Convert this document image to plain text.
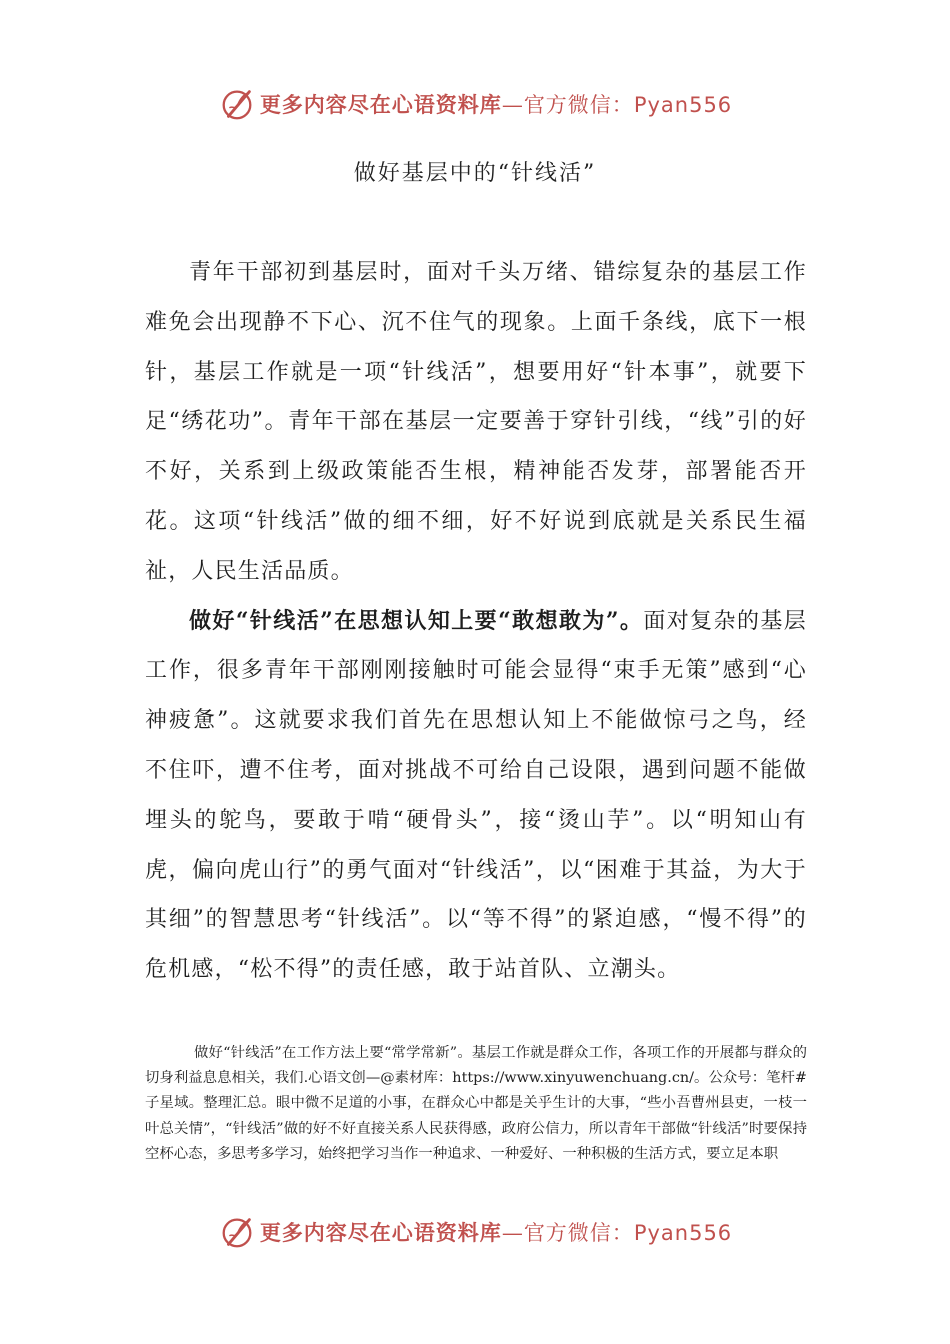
更多内容尽在心语资料库—官方微信：Pyan556
做好基层中的“针线活”

青年干部初到基层时，面对千头万绪、错综复杂的基层工作难免会出现静不下心、沉不住气的现象。上面千条线，底下一根针，基层工作就是一项“针线活”，想要用好“针本事”，就要下足“绣花功”。青年干部在基层一定要善于穿针引线，“线”引的好不好，关系到上级政策能否生根，精神能否发芽，部署能否开花。这项“针线活”做的细不细，好不好说到底就是关系民生福祉，人民生活品质。

做好“针线活”在思想认知上要“敢想敢为”。面对复杂的基层工作，很多青年干部刚刚接触时可能会显得“束手无策”感到“心神疲惫”。这就要求我们首先在思想认知上不能做惊弓之鸟，经不住吓，遭不住考，面对挑战不可给自己设限，遇到问题不能做埋头的鸵鸟，要敢于啃“硬骨头”，接“烫山芋”。以“明知山有虎，偏向虎山行”的勇气面对“针线活”，以“困难于其益，为大于其细”的智慧思考“针线活”。以“等不得”的紧迫感，“慢不得”的危机感，“松不得”的责任感，敢于站首队、立潮头。

做好“针线活”在工作方法上要“常学常新”。基层工作就是群众工作，各项工作的开展都与群众的切身利益息息相关，我们.心语文创—@素材库：https://www.xinyuwenchuang.cn/。公众号：笔杆#子星域。整理汇总。眼中微不足道的小事，在群众心中都是关乎生计的大事，“些小吾曹州县吏，一枝一叶总关情”，“针线活”做的好不好直接关系人民获得感，政府公信力，所以青年干部做“针线活”时要保持空杯心态，多思考多学习，始终把学习当作一种追求、一种爱好、一种积极的生活方式，要立足本职

更多内容尽在心语资料库—官方微信：Pyan556
